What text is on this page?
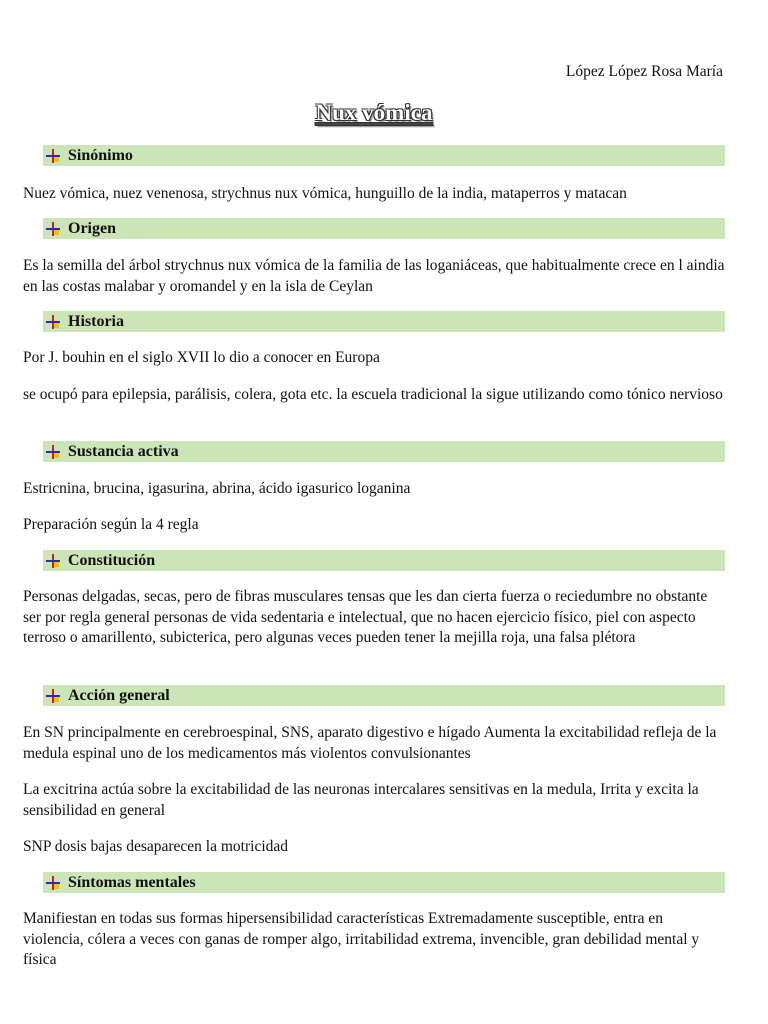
López López Rosa María
Nux vómica
Sinónimo
Nuez vómica, nuez venenosa, strychnus nux vómica, hunguillo de la india, mataperros y matacan
Origen
Es la semilla del árbol strychnus nux vómica de la familia de las loganiáceas, que habitualmente crece en l aindia en las costas malabar y oromandel y en la isla de Ceylan
Historia
Por J. bouhin en el siglo XVII lo dio a conocer en Europa
se ocupó para epilepsia, parálisis, colera, gota etc. la escuela tradicional la sigue utilizando como tónico nervioso
Sustancia activa
Estricnina, brucina, igasurina, abrina, ácido igasurico loganina
Preparación según la 4 regla
Constitución
Personas delgadas, secas, pero de fibras musculares tensas que les dan cierta fuerza o reciedumbre no obstante ser por regla general personas de vida sedentaria e intelectual, que no hacen ejercicio físico, piel con aspecto terroso o amarillento, subicterica, pero algunas veces pueden tener la mejilla roja, una falsa plétora
Acción general
En SN principalmente en cerebroespinal, SNS, aparato digestivo e hígado Aumenta la excitabilidad refleja de la medula espinal uno de los medicamentos más violentos convulsionantes
La excitrina actúa sobre la excitabilidad de las neuronas intercalares sensitivas en la medula, Irrita y excita la sensibilidad en general
SNP dosis bajas desaparecen la motricidad
Síntomas mentales
Manifiestan en todas sus formas hipersensibilidad características Extremadamente susceptible, entra en violencia, cólera a veces con ganas de romper algo, irritabilidad extrema, invencible, gran debilidad mental y física
